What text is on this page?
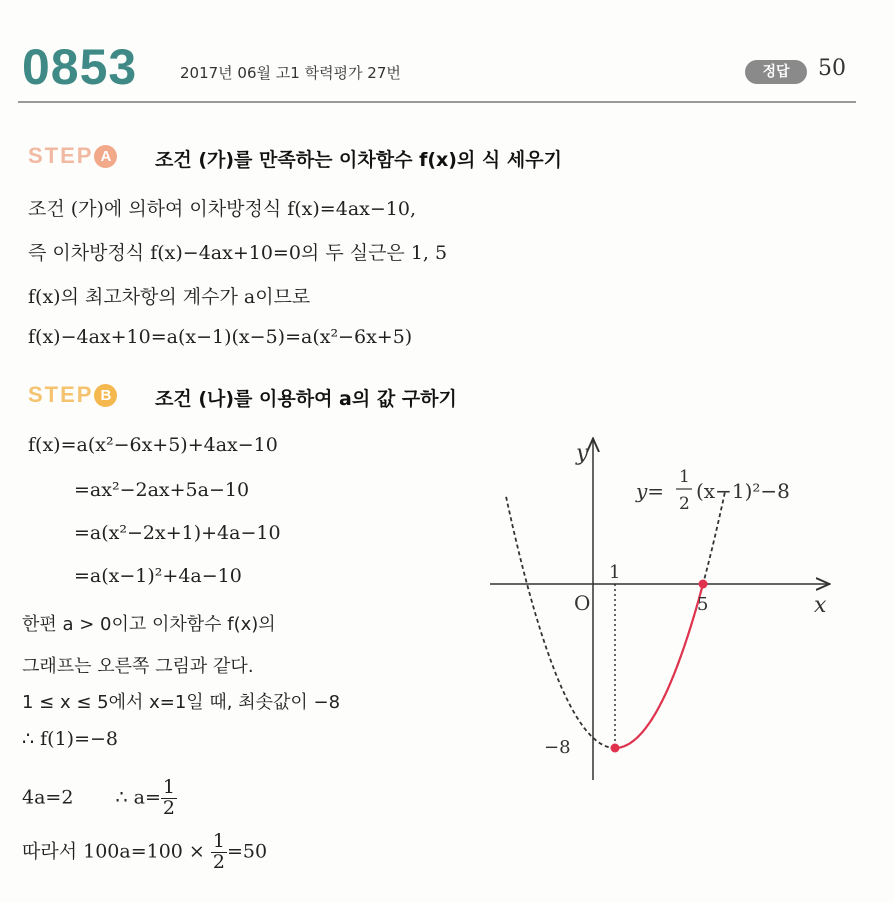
0853	2017년 06월 고1 학력평가 27번	정답	50
STEP A	조건 (가)를 만족하는 이차함수 f(x)의 식 세우기
조건 (가)에 의하여 이차방정식 f(x)=4ax−10,
즉 이차방정식 f(x)−4ax+10=0의 두 실근은 1, 5
f(x)의 최고차항의 계수가 a이므로
f(x)−4ax+10=a(x−1)(x−5)=a(x²−6x+5)
STEP B	조건 (나)를 이용하여 a의 값 구하기
f(x)=a(x²−6x+5)+4ax−10
=ax²−2ax+5a−10
=a(x²−2x+1)+4a−10
=a(x−1)²+4a−10
한편 a > 0이고 이차함수 f(x)의
그래프는 오른쪽 그림과 같다.
1 ≤ x ≤ 5에서 x=1일 때, 최솟값이 −8
∴ f(1)=−8
4a=2 ∴ $a= \frac{1}{2}$
따라서 $100a=100 \times \frac{1}{2} =50$
y
x
O
1
5
−8
y=
1
2
(x−1)²−8
